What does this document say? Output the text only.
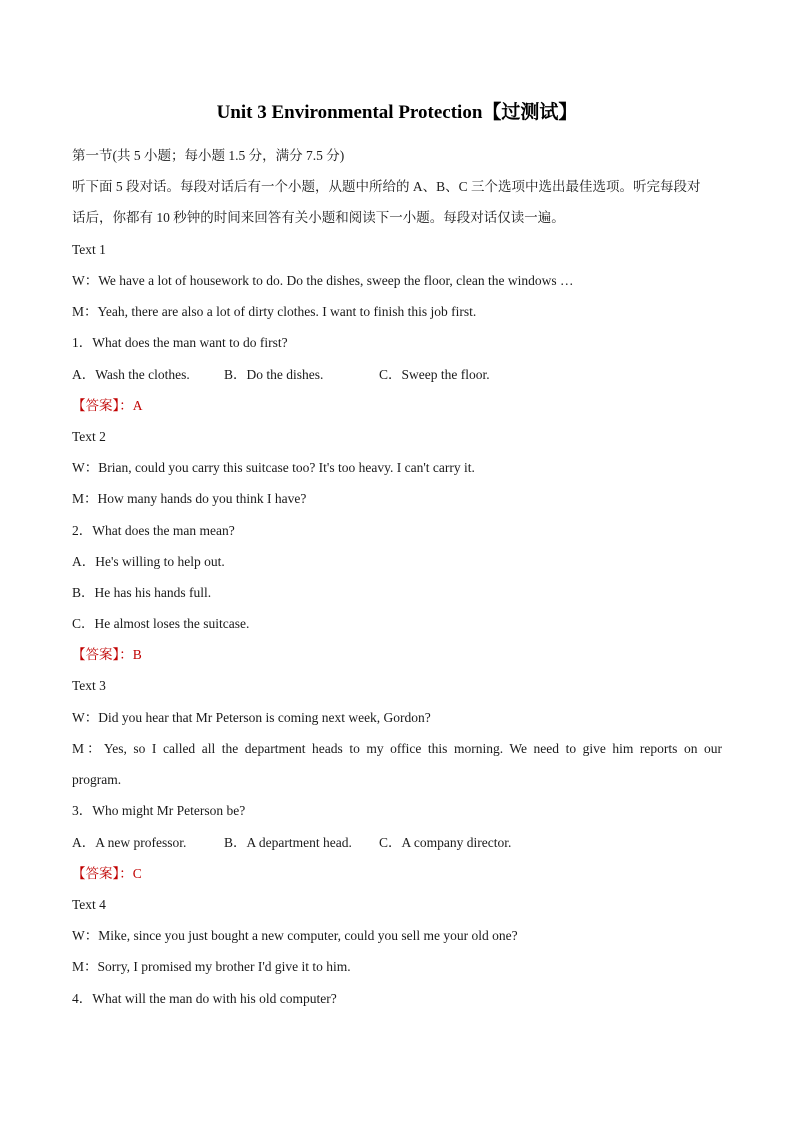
Unit 3 Environmental Protection【过测试】
第一节(共 5 小题；每小题 1.5 分，满分 7.5 分)
听下面 5 段对话。每段对话后有一个小题，从题中所给的 A、B、C 三个选项中选出最佳选项。听完每段对
话后，你都有 10 秒钟的时间来回答有关小题和阅读下一小题。每段对话仅读一遍。
Text 1
W：We have a lot of housework to do. Do the dishes, sweep the floor, clean the windows …
M：Yeah, there are also a lot of dirty clothes. I want to finish this job first.
1．What does the man want to do first?
A．Wash the clothes.	B．Do the dishes.	C．Sweep the floor.
【答案】：A
Text 2
W：Brian, could you carry this suitcase too? It's too heavy. I can't carry it.
M：How many hands do you think I have?
2．What does the man mean?
A．He's willing to help out.
B．He has his hands full.
C．He almost loses the suitcase.
【答案】：B
Text 3
W：Did you hear that Mr Peterson is coming next week, Gordon?
M：Yes, so I called all the department heads to my office this morning. We need to give him reports on our
program.
3．Who might Mr Peterson be?
A．A new professor.	B．A department head. C．A company director.
【答案】：C
Text 4
W：Mike, since you just bought a new computer, could you sell me your old one?
M：Sorry, I promised my brother I'd give it to him.
4．What will the man do with his old computer?
